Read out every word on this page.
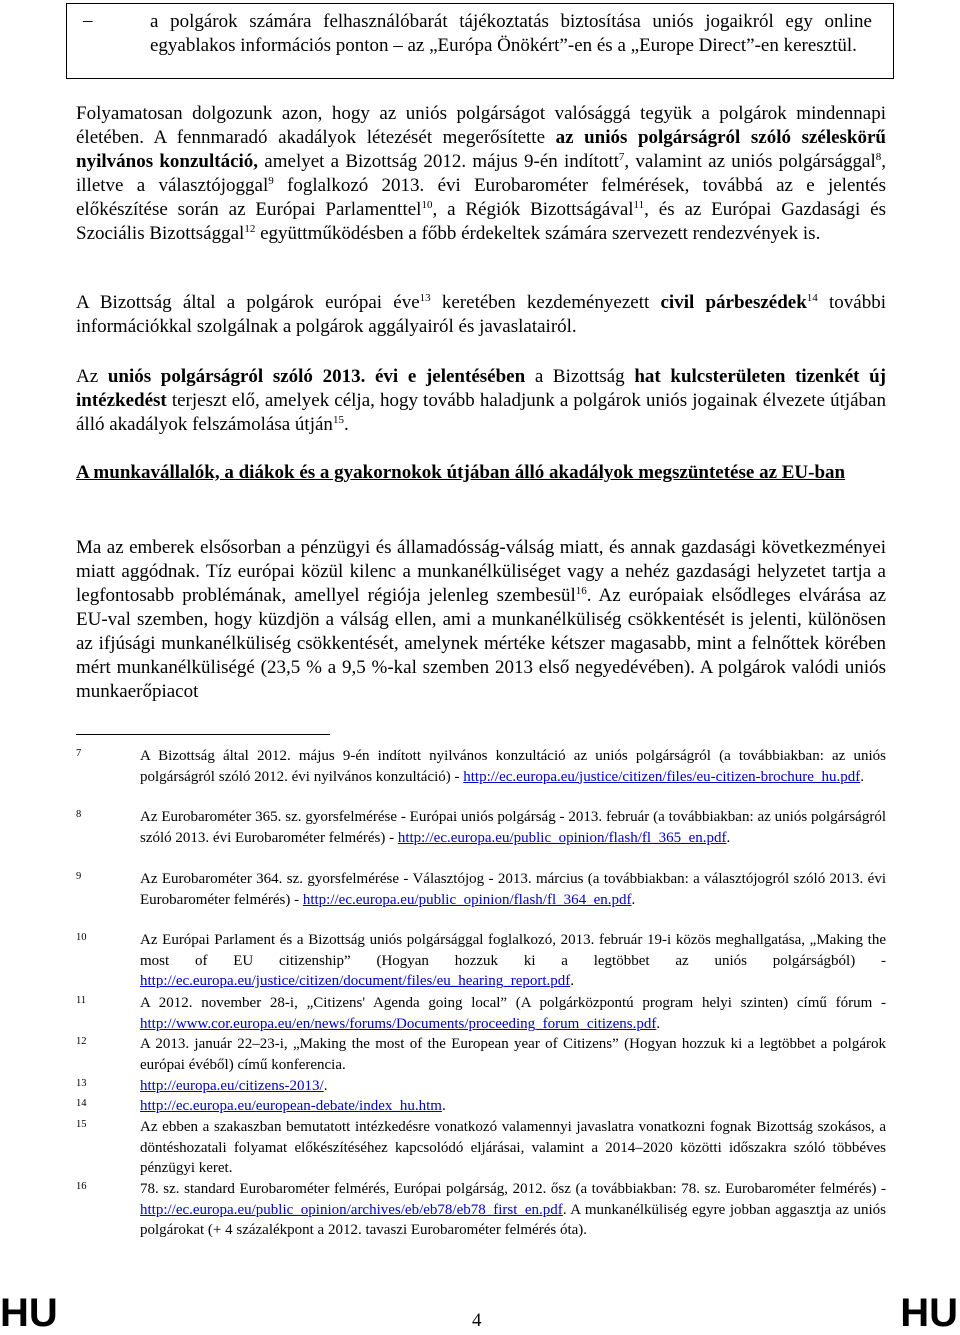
–	a polgárok számára felhasználóbarát tájékoztatás biztosítása uniós jogaikról egy online egyablakos információs ponton – az „Európa Önökért”-en és a „Europe Direct”-en keresztül.

Folyamatosan dolgozunk azon, hogy az uniós polgárságot valósággá tegyük a polgárok mindennapi életében. A fennmaradó akadályok létezését megerősítette az uniós polgárságról szóló széleskörű nyilvános konzultáció, amelyet a Bizottság 2012. május 9-én indított$^7$, valamint az uniós polgársággal$^8$, illetve a választójoggal$^9$ foglalkozó 2013. évi Eurobarométer felmérések, továbbá az e jelentés előkészítése során az Európai Parlamenttel$^{10}$, a Régiók Bizottságával$^{11}$, és az Európai Gazdasági és Szociális Bizottsággal$^{12}$ együttműködésben a főbb érdekeltek számára szervezett rendezvények is.

A Bizottság által a polgárok európai éve$^{13}$ keretében kezdeményezett civil párbeszédek$^{14}$ további információkkal szolgálnak a polgárok aggályairól és javaslatairól.

Az uniós polgárságról szóló 2013. évi e jelentésében a Bizottság hat kulcsterületen tizenkét új intézkedést terjeszt elő, amelyek célja, hogy tovább haladjunk a polgárok uniós jogainak élvezete útjában álló akadályok felszámolása útján$^{15}$.

A munkavállalók, a diákok és a gyakornokok útjában álló akadályok megszüntetése az EU-ban

Ma az emberek elsősorban a pénzügyi és államadósság-válság miatt, és annak gazdasági következményei miatt aggódnak. Tíz európai közül kilenc a munkanélküliséget vagy a nehéz gazdasági helyzetet tartja a legfontosabb problémának, amellyel régiója jelenleg szembesül$^{16}$. Az európaiak elsődleges elvárása az EU-val szemben, hogy küzdjön a válság ellen, ami a munkanélküliség csökkentését is jelenti, különösen az ifjúsági munkanélküliség csökkentését, amelynek mértéke kétszer magasabb, mint a felnőttek körében mért munkanélküliségé (23,5 % a 9,5 %-kal szemben 2013 első negyedévében). A polgárok valódi uniós munkaerőpiacot

7	A Bizottság által 2012. május 9-én indított nyilvános konzultáció az uniós polgárságról (a továbbiakban: az uniós polgárságról szóló 2012. évi nyilvános konzultáció) - http://ec.europa.eu/justice/citizen/files/eu-citizen-brochure_hu.pdf.
8	Az Eurobarométer 365. sz. gyorsfelmérése - Európai uniós polgárság - 2013. február (a továbbiakban: az uniós polgárságról szóló 2013. évi Eurobarométer felmérés) - http://ec.europa.eu/public_opinion/flash/fl_365_en.pdf.
9	Az Eurobarométer 364. sz. gyorsfelmérése - Választójog - 2013. március (a továbbiakban: a választójogról szóló 2013. évi Eurobarométer felmérés) - http://ec.europa.eu/public_opinion/flash/fl_364_en.pdf.
10	Az Európai Parlament és a Bizottság uniós polgársággal foglalkozó, 2013. február 19-i közös meghallgatása, „Making the most of EU citizenship” (Hogyan hozzuk ki a legtöbbet az uniós polgárságból) - http://ec.europa.eu/justice/citizen/document/files/eu_hearing_report.pdf.
11	A 2012. november 28-i, „Citizens' Agenda going local” (A polgárközpontú program helyi szinten) című fórum - http://www.cor.europa.eu/en/news/forums/Documents/proceeding_forum_citizens.pdf.
12	A 2013. január 22–23-i, „Making the most of the European year of Citizens” (Hogyan hozzuk ki a legtöbbet a polgárok európai évéből) című konferencia.
13	http://europa.eu/citizens-2013/.
14	http://ec.europa.eu/european-debate/index_hu.htm.
15	Az ebben a szakaszban bemutatott intézkedésre vonatkozó valamennyi javaslatra vonatkozni fognak Bizottság szokásos, a döntéshozatali folyamat előkészítéséhez kapcsolódó eljárásai, valamint a 2014–2020 közötti időszakra szóló többéves pénzügyi keret.
16	78. sz. standard Eurobarométer felmérés, Európai polgárság, 2012. ősz (a továbbiakban: 78. sz. Eurobarométer felmérés) - http://ec.europa.eu/public_opinion/archives/eb/eb78/eb78_first_en.pdf. A munkanélküliség egyre jobban aggasztja az uniós polgárokat (+ 4 százalékpont a 2012. tavaszi Eurobarométer felmérés óta).
HU	4	HU
